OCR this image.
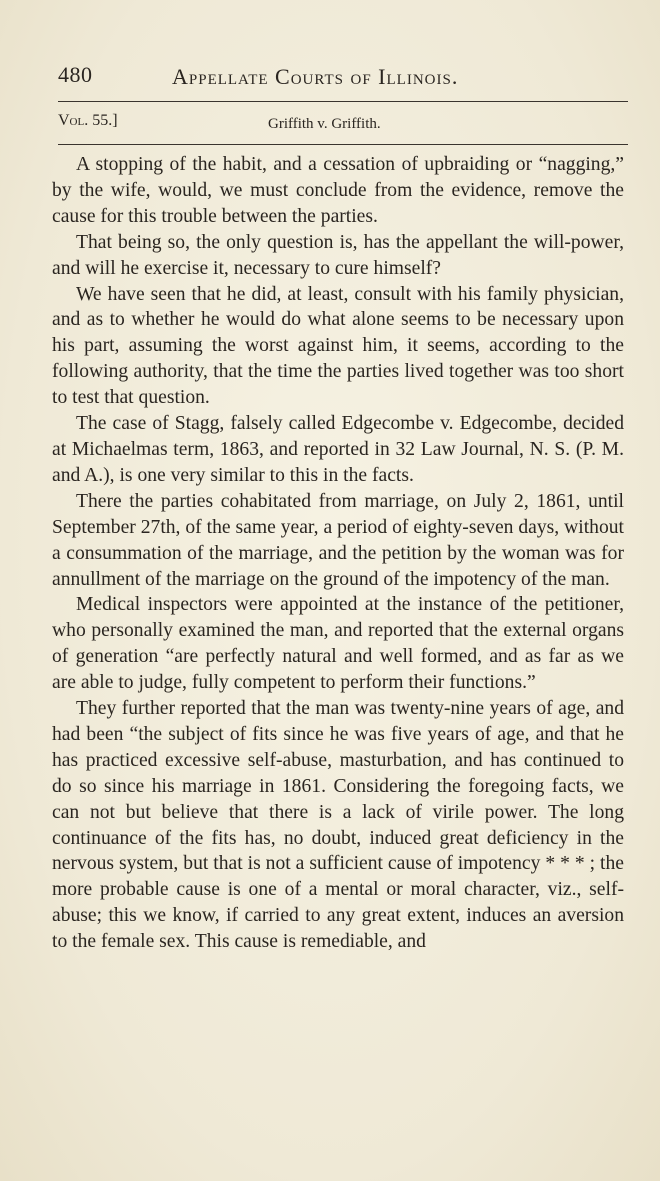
480	Appellate Courts of Illinois.
Vol. 55.]	Griffith v. Griffith.

A stopping of the habit, and a cessation of upbraiding or “nagging,” by the wife, would, we must conclude from the evidence, remove the cause for this trouble between the parties.

That being so, the only question is, has the appellant the will-power, and will he exercise it, necessary to cure himself?

We have seen that he did, at least, consult with his family physician, and as to whether he would do what alone seems to be necessary upon his part, assuming the worst against him, it seems, according to the following authority, that the time the parties lived together was too short to test that question.

The case of Stagg, falsely called Edgecombe v. Edgecombe, decided at Michaelmas term, 1863, and reported in 32 Law Journal, N. S. (P. M. and A.), is one very similar to this in the facts.

There the parties cohabitated from marriage, on July 2, 1861, until September 27th, of the same year, a period of eighty-seven days, without a consummation of the marriage, and the petition by the woman was for annullment of the marriage on the ground of the impotency of the man.

Medical inspectors were appointed at the instance of the petitioner, who personally examined the man, and reported that the external organs of generation “are perfectly natural and well formed, and as far as we are able to judge, fully competent to perform their functions.”

They further reported that the man was twenty-nine years of age, and had been “the subject of fits since he was five years of age, and that he has practiced excessive self-abuse, masturbation, and has continued to do so since his marriage in 1861. Considering the foregoing facts, we can not but believe that there is a lack of virile power. The long continuance of the fits has, no doubt, induced great deficiency in the nervous system, but that is not a sufficient cause of impotency * * * ; the more probable cause is one of a mental or moral character, viz., self-abuse; this we know, if carried to any great extent, induces an aversion to the female sex. This cause is remediable, and
